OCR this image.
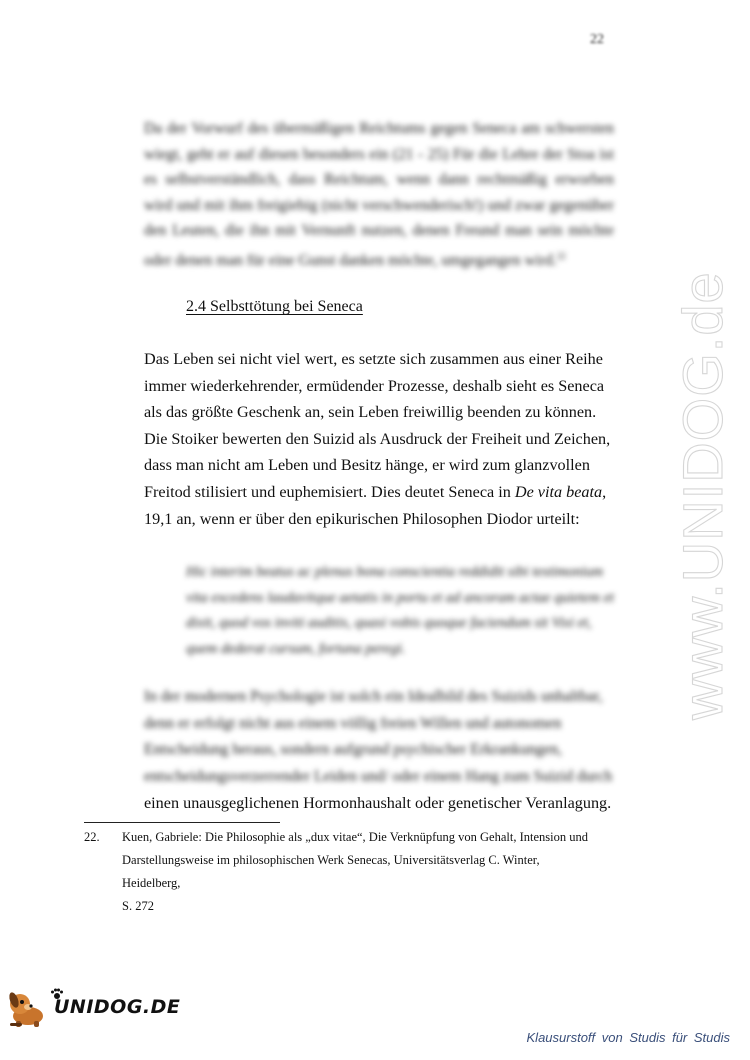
22
Da der Vorwurf des übermäßigen Reichtums gegen Seneca am schwersten wiegt, geht er auf diesen besonders ein (21 - 25) Für die Lehre der Stoa ist es selbstverständlich, dass Reichtum, wenn dann rechtmäßig erworben wird und mit ihm freigiebig (nicht verschwenderisch!) und zwar gegenüber den Leuten, die ihn mit Vernunft nutzen, denen Freund man sein möchte oder denen man für eine Gunst danken möchte, umgegangen wird.$^{22}$
2.4 Selbsttötung bei Seneca
Das Leben sei nicht viel wert, es setzte sich zusammen aus einer Reihe immer wiederkehrender, ermüdender Prozesse, deshalb sieht es Seneca als das größte Geschenk an, sein Leben freiwillig beenden zu können. Die Stoiker bewerten den Suizid als Ausdruck der Freiheit und Zeichen, dass man nicht am Leben und Besitz hänge, er wird zum glanzvollen Freitod stilisiert und euphemisiert. Dies deutet Seneca in De vita beata, 19,1 an, wenn er über den epikurischen Philosophen Diodor urteilt:
Hic interim beatus ac plenus bona conscientia reddidit sibi testimonium vita excedens laudavitque aetatis in portu et ad ancoram actae quietem et dixit, quod vos inviti auditis, quasi vobis quoque faciendum sit Vixi et, quem dederat cursum, fortuna peregi.
In der modernen Psychologie ist solch ein Idealbild des Suizids unhaltbar, denn er erfolgt nicht aus einem völlig freien Willen und autonomen Entscheidung heraus, sondern aufgrund psychischer Erkrankungen, entscheidungsverzerrender Leiden und/ oder einem Hang zum Suizid durch
einen unausgeglichenen Hormonhaushalt oder genetischer Veranlagung.
22. Kuen, Gabriele: Die Philosophie als „dux vitae“, Die Verknüpfung von Gehalt, Intension und
Darstellungsweise im philosophischen Werk Senecas, Universitätsverlag C. Winter,
Heidelberg,
S. 272
www.UNIDOG.de
UNIDOG.DE
Klausurstoff von Studis für Studis
